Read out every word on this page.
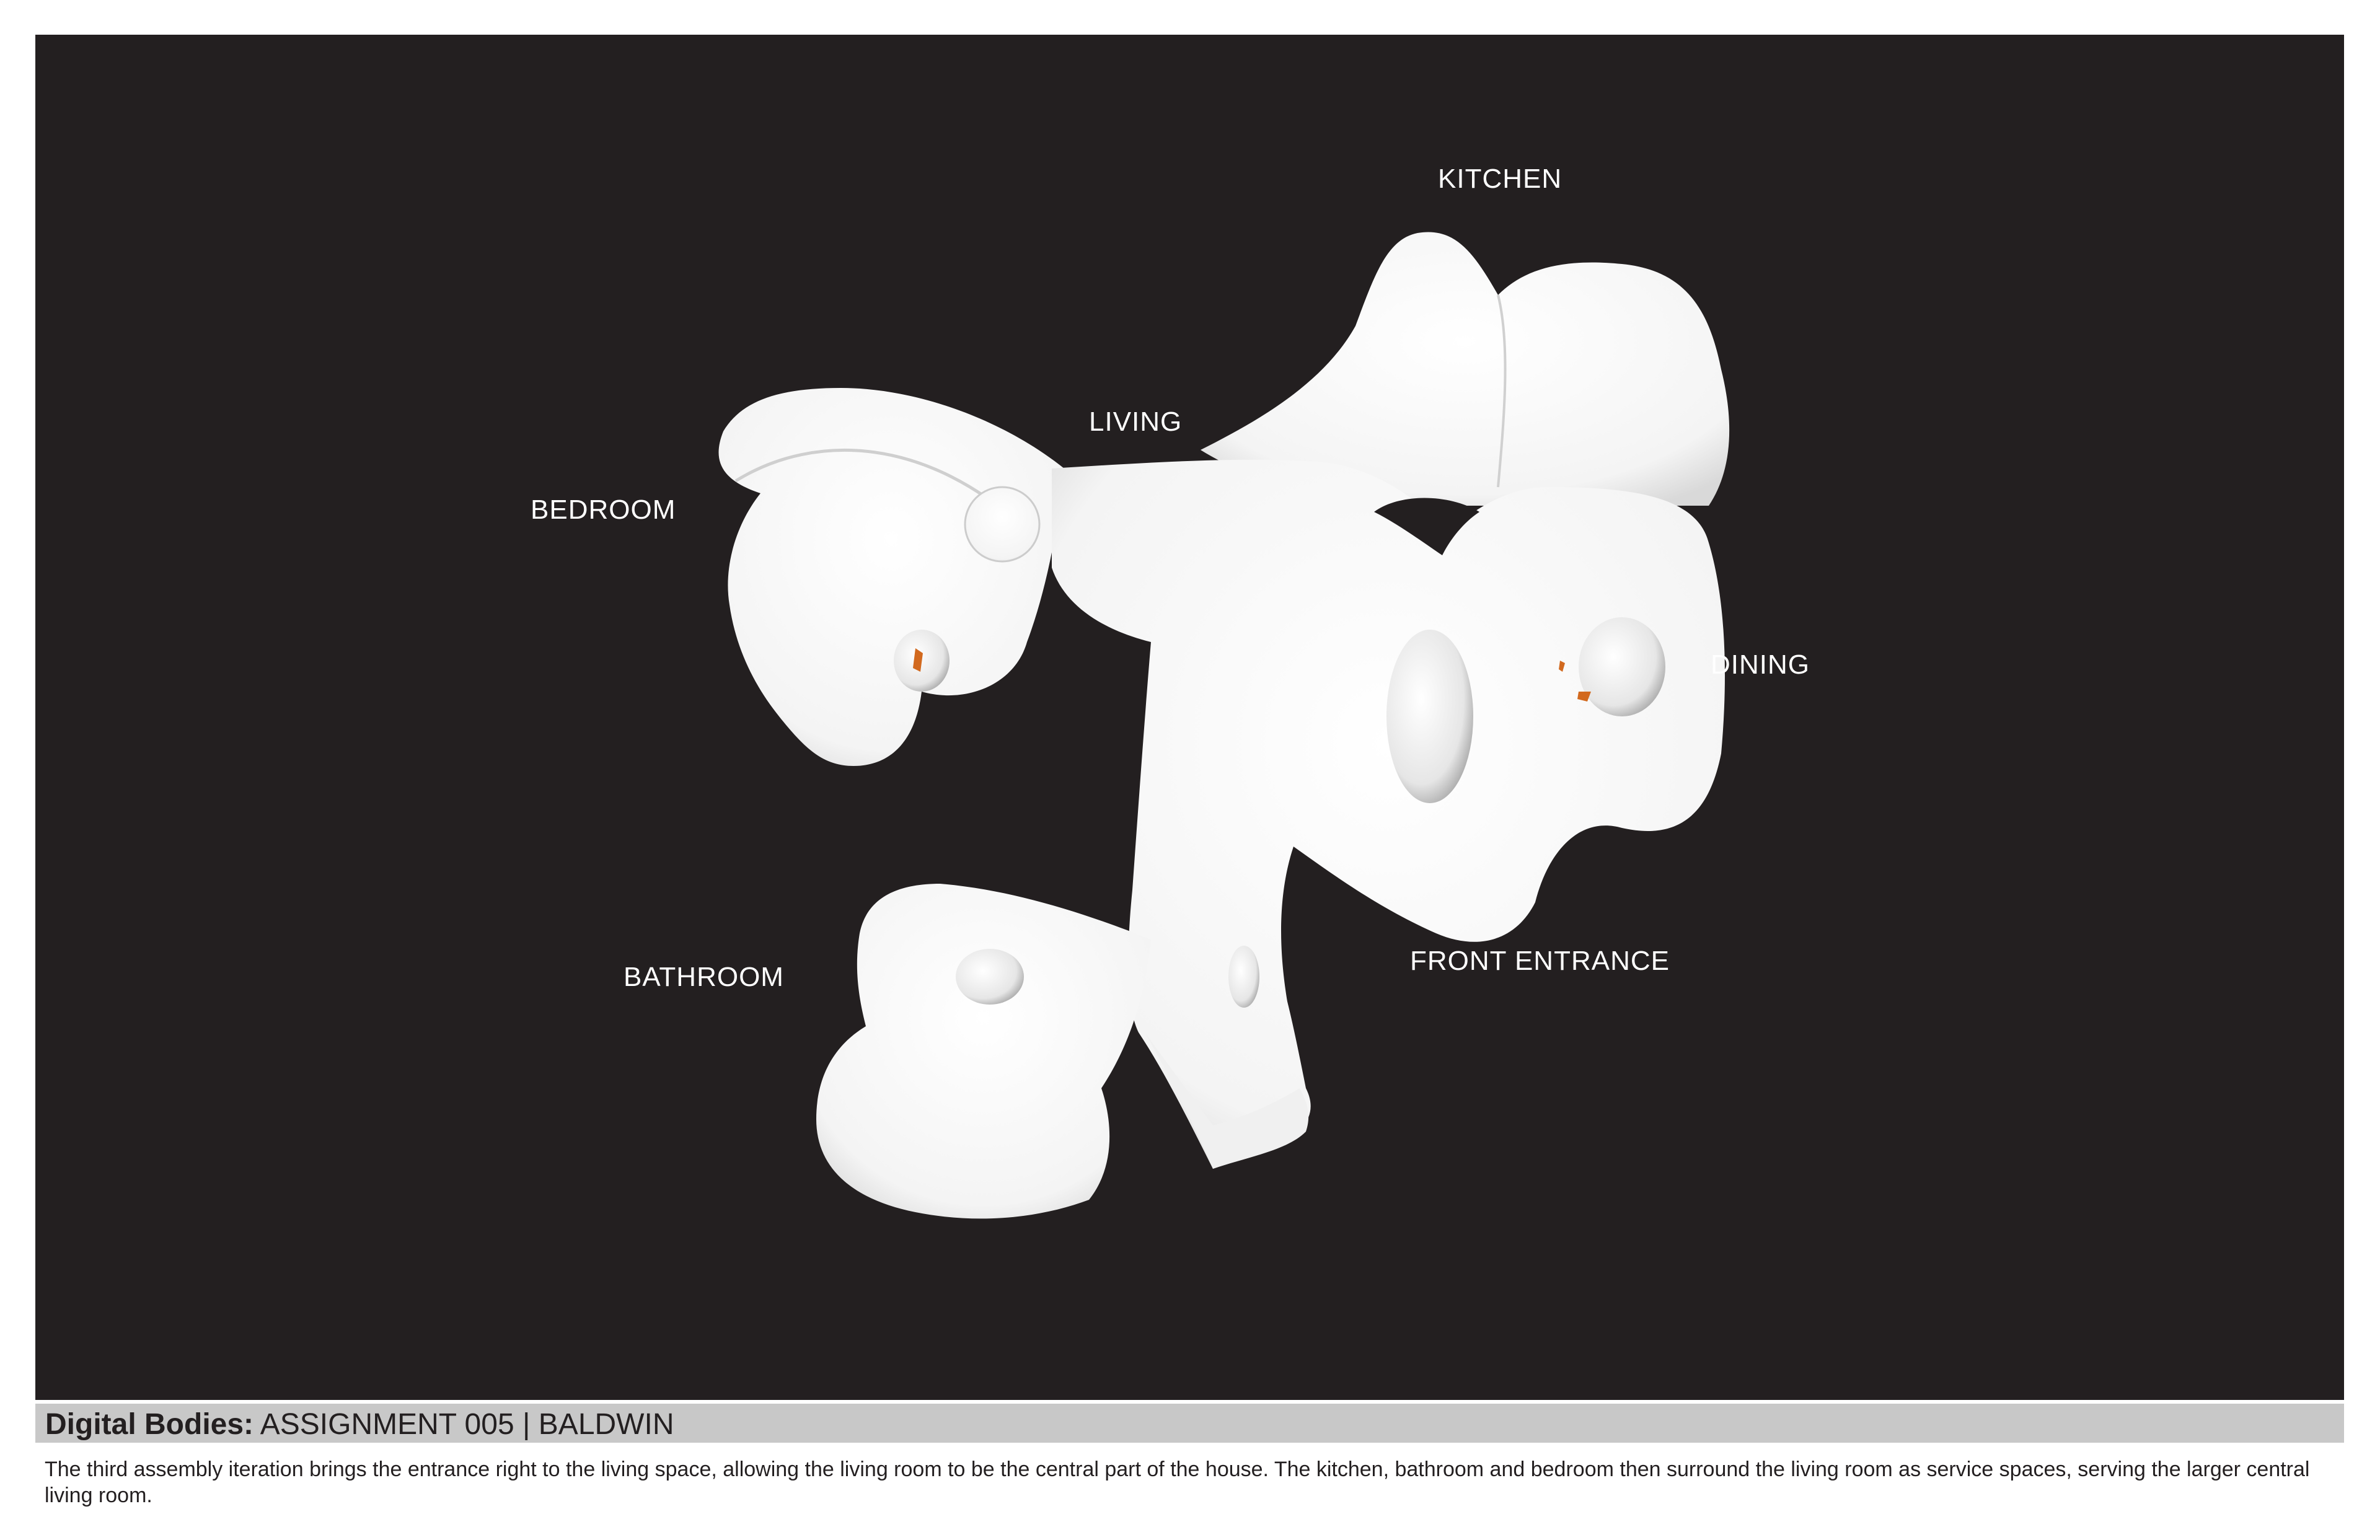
KITCHEN
LIVING
BEDROOM
DINING
BATHROOM
FRONT ENTRANCE
Digital Bodies: ASSIGNMENT 005 | BALDWIN
The third assembly iteration brings the entrance right to the living space, allowing the living room to be the central part of the house. The kitchen, bathroom and bedroom then surround the living room as service spaces, serving the larger central living room.
